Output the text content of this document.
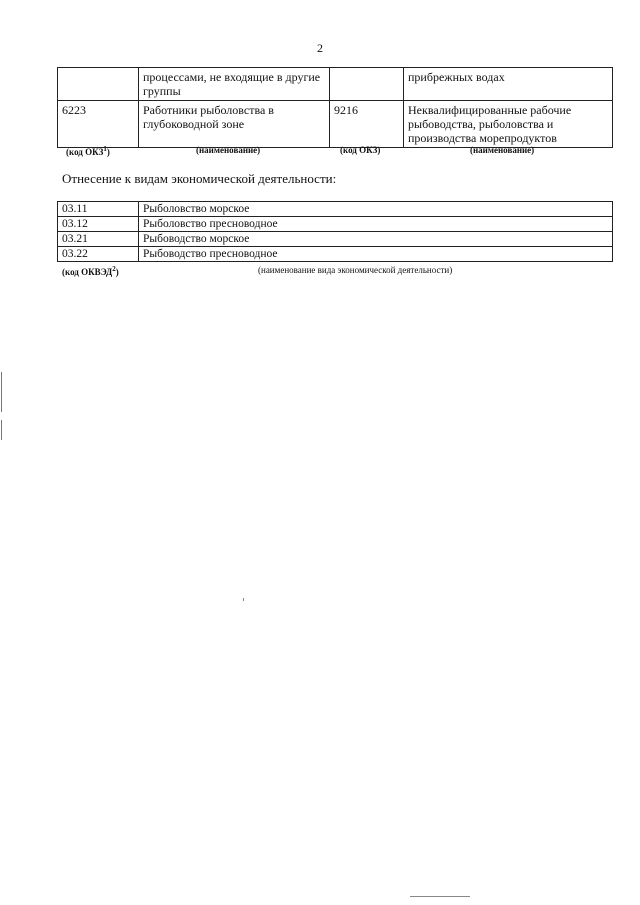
2
	процессами, не входящие в другие группы		прибрежных водах
6223	Работники рыболовства в глубоководной зоне	9216	Неквалифицированные рабочие рыбоводства, рыболовства и производства морепродуктов
(код ОКЗ$^1$)	(наименование)	(код ОКЗ)	(наименование)
Отнесение к видам экономической деятельности:
03.11	Рыболовство морское
03.12	Рыболовство пресноводное
03.21	Рыбоводство морское
03.22	Рыбоводство пресноводное
(код ОКВЭД$^2$)	(наименование вида экономической деятельности)
